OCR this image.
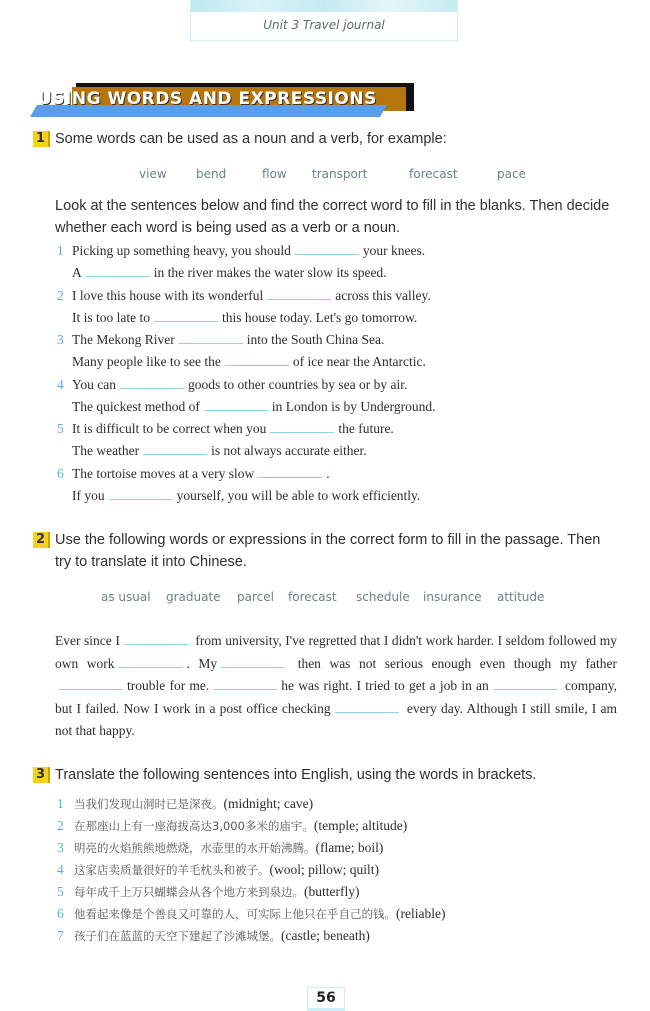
Unit 3 Travel journal
USING WORDS AND EXPRESSIONS
1 Some words can be used as a noun and a verb, for example:
view bend	flow transport	forecast	pace
Look at the sentences below and find the correct word to fill in the blanks. Then decide
whether each word is being used as a verb or a noun.
1 Picking up something heavy, you should	your knees.
A	in the river makes the water slow its speed.
2 I love this house with its wonderful	across this valley.
It is too late to	this house today. Let's go tomorrow.
3 The Mekong River	into the South China Sea.
Many people like to see the	of ice near the Antarctic.
4 You can	goods to other countries by sea or by air.
The quickest method of	in London is by Underground.
5 It is difficult to be correct when you	the future.
The weather	is not always accurate either.
6 The tortoise moves at a very slow	.
If you	yourself, you will be able to work efficiently.
2 Use the following words or expressions in the correct form to fill in the passage. Then
try to translate it into Chinese.
as usual graduate parcel forecast schedule insurance attitude
Ever since I	from university, I've regretted that I didn't work harder. I seldom followed my own work	. My	then was not serious enough even though my fathertrouble for me.	he was right. I tried to get a job in an	company, but I failed. Now I work in a post office checking	every day. Although I still smile, I am not that happy.
3 Translate the following sentences into English, using the words in brackets.
1 当我们发现山洞时已是深夜。(midnight; cave)
2 在那座山上有一座海拔高达3,000多米的庙宇。(temple; altitude)
3 明亮的火焰熊熊地燃烧，水壶里的水开始沸腾。(flame; boil)
4 这家店卖质量很好的羊毛枕头和被子。(wool; pillow; quilt)
5 每年成千上万只蝴蝶会从各个地方来到泉边。(butterfly)
6 他看起来像是个善良又可靠的人，可实际上他只在乎自己的钱。(reliable)
7 孩子们在蓝蓝的天空下建起了沙滩城堡。(castle; beneath)
56
